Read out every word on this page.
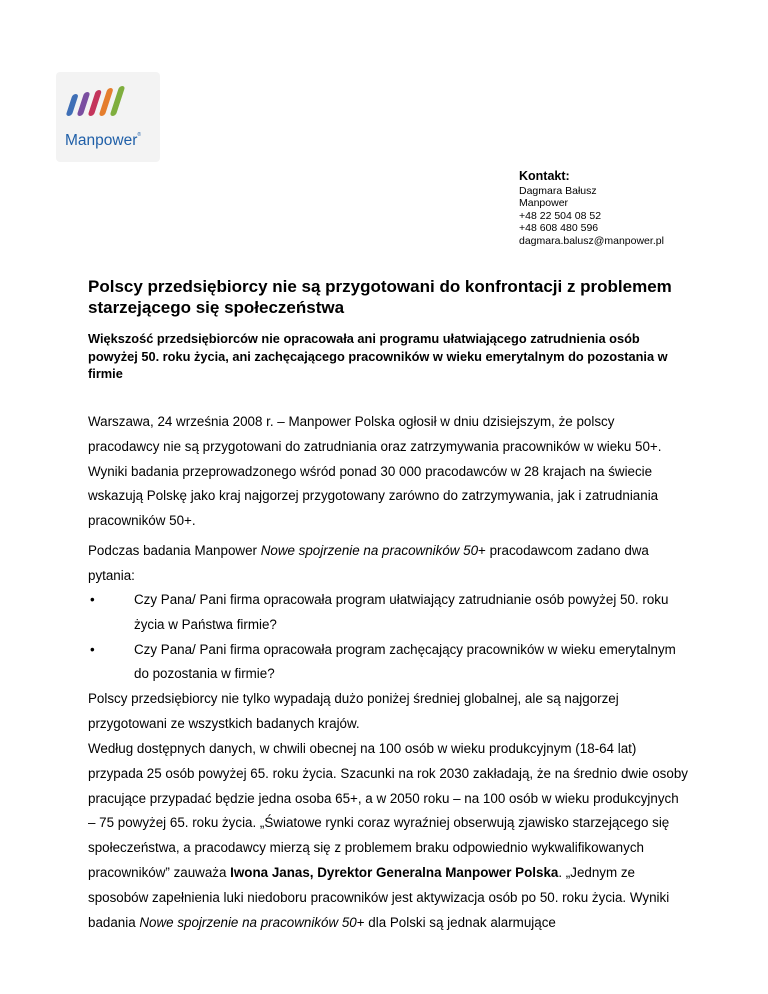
Manpower®
Kontakt:
Dagmara Bałusz
Manpower
+48 22 504 08 52
+48 608 480 596
dagmara.balusz@manpower.pl
Polscy przedsiębiorcy nie są przygotowani do konfrontacji z problemem starzejącego się społeczeństwa
Większość przedsiębiorców nie opracowała ani programu ułatwiającego zatrudnienia osób powyżej 50. roku życia, ani zachęcającego pracowników w wieku emerytalnym do pozostania w firmie
Warszawa, 24 września 2008 r. – Manpower Polska ogłosił w dniu dzisiejszym, że polscy pracodawcy nie są przygotowani do zatrudniania oraz zatrzymywania pracowników w wieku 50+. Wyniki badania przeprowadzonego wśród ponad 30 000 pracodawców w 28 krajach na świecie wskazują Polskę jako kraj najgorzej przygotowany zarówno do zatrzymywania, jak i zatrudniania pracowników 50+.
Podczas badania Manpower Nowe spojrzenie na pracowników 50+ pracodawcom zadano dwa pytania:
•	Czy Pana/ Pani firma opracowała program ułatwiający zatrudnianie osób powyżej 50. roku życia w Państwa firmie?
•	Czy Pana/ Pani firma opracowała program zachęcający pracowników w wieku emerytalnym do pozostania w firmie?
Polscy przedsiębiorcy nie tylko wypadają dużo poniżej średniej globalnej, ale są najgorzej przygotowani ze wszystkich badanych krajów.
Według dostępnych danych, w chwili obecnej na 100 osób w wieku produkcyjnym (18-64 lat) przypada 25 osób powyżej 65. roku życia. Szacunki na rok 2030 zakładają, że na średnio dwie osoby pracujące przypadać będzie jedna osoba 65+, a w 2050 roku – na 100 osób w wieku produkcyjnych – 75 powyżej 65. roku życia. „Światowe rynki coraz wyraźniej obserwują zjawisko starzejącego się społeczeństwa, a pracodawcy mierzą się z problemem braku odpowiednio wykwalifikowanych pracowników” zauważa Iwona Janas, Dyrektor Generalna Manpower Polska. „Jednym ze sposobów zapełnienia luki niedoboru pracowników jest aktywizacja osób po 50. roku życia. Wyniki badania Nowe spojrzenie na pracowników 50+ dla Polski są jednak alarmujące
